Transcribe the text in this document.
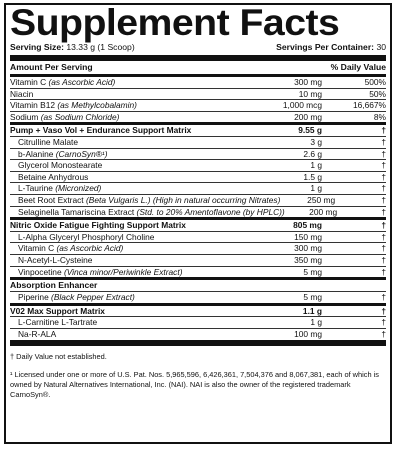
Supplement Facts
Serving Size: 13.33 g (1 Scoop)	Servings Per Container: 30
Amount Per Serving	% Daily Value
Vitamin C (as Ascorbic Acid)	300 mg	500%
Niacin	10 mg	50%
Vitamin B12 (as Methylcobalamin)	1,000 mcg	16,667%
Sodium (as Sodium Chloride)	200 mg	8%
Pump + Vaso Vol + Endurance Support Matrix	9.55 g	†
Citrulline Malate	3 g	†
b-Alanine (CarnoSyn®¹)	2.6 g	†
Glycerol Monostearate	1 g	†
Betaine Anhydrous	1.5 g	†
L-Taurine (Micronized)	1 g	†
Beet Root Extract (Beta Vulgaris L.) (High in natural occurring Nitrates)	250 mg	†
Selaginella Tamariscina Extract (Std. to 20% Amentoflavone (by HPLC))	200 mg	†
Nitric Oxide Fatigue Fighting Support Matrix	805 mg	†
L-Alpha Glyceryl Phosphoryl Choline	150 mg	†
Vitamin C (as Ascorbic Acid)	300 mg	†
N-Acetyl-L-Cysteine	350 mg	†
Vinpocetine (Vinca minor/Periwinkle Extract)	5 mg	†
Absorption Enhancer
Piperine (Black Pepper Extract)	5 mg	†
V02 Max Support Matrix	1.1 g	†
L-Carnitine L-Tartrate	1 g	†
Na-R-ALA	100 mg	†

† Daily Value not established.

¹ Licensed under one or more of U.S. Pat. Nos. 5,965,596, 6,426,361, 7,504,376 and 8,067,381, each of which is owned by Natural Alternatives International, Inc. (NAI). NAI is also the owner of the registered trademark CarnoSyn®.
